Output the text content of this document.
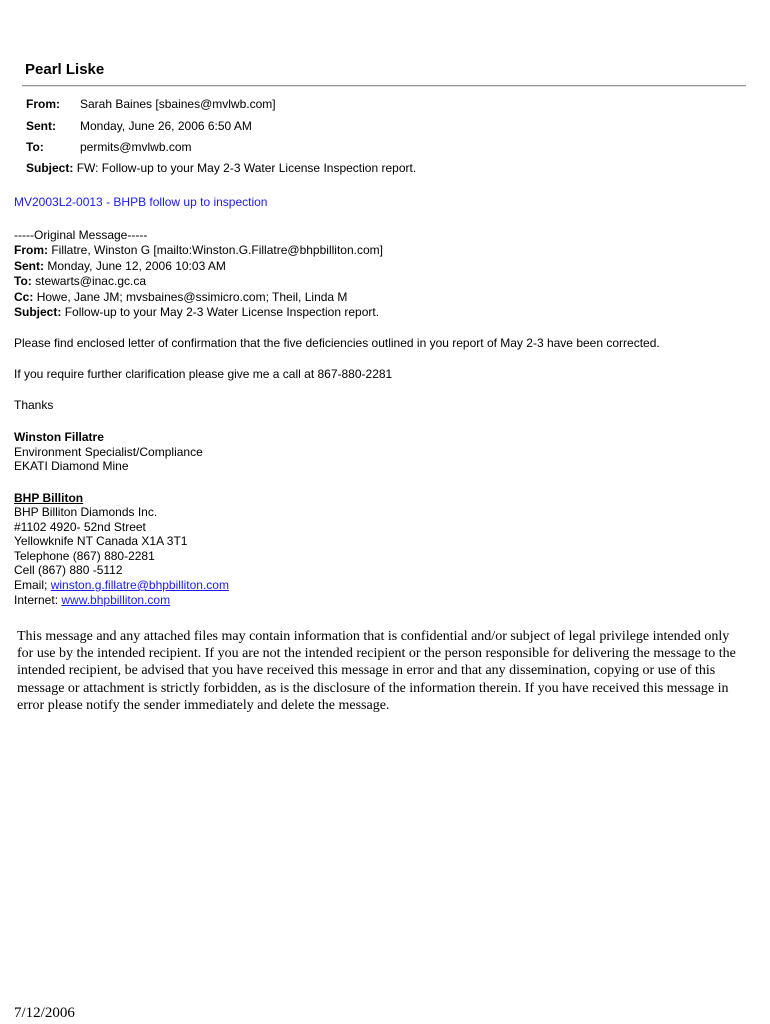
Pearl Liske
From: Sarah Baines [sbaines@mvlwb.com]
Sent: Monday, June 26, 2006 6:50 AM
To:	permits@mvlwb.com
Subject: FW: Follow-up to your May 2-3 Water License Inspection report.
MV2003L2-0013 - BHPB follow up to inspection
-----Original Message-----
From: Fillatre, Winston G [mailto:Winston.G.Fillatre@bhpbilliton.com]
Sent: Monday, June 12, 2006 10:03 AM
To: stewarts@inac.gc.ca
Cc: Howe, Jane JM; mvsbaines@ssimicro.com; Theil, Linda M
Subject: Follow-up to your May 2-3 Water License Inspection report.
Please find enclosed letter of confirmation that the five deficiencies outlined in you report of May 2-3 have been corrected.
If you require further clarification please give me a call at 867-880-2281
Thanks
Winston Fillatre
Environment Specialist/Compliance
EKATI Diamond Mine
BHP Billiton
BHP Billiton Diamonds Inc.
#1102 4920- 52nd Street
Yellowknife NT Canada X1A 3T1
Telephone (867) 880-2281
Cell (867) 880 -5112
Email; winston.g.fillatre@bhpbilliton.com
Internet: www.bhpbilliton.com
This message and any attached files may contain information that is confidential and/or subject of legal privilege intended only for use by the intended recipient. If you are not the intended recipient or the person responsible for delivering the message to the intended recipient, be advised that you have received this message in error and that any dissemination, copying or use of this message or attachment is strictly forbidden, as is the disclosure of the information therein. If you have received this message in error please notify the sender immediately and delete the message.
7/12/2006
